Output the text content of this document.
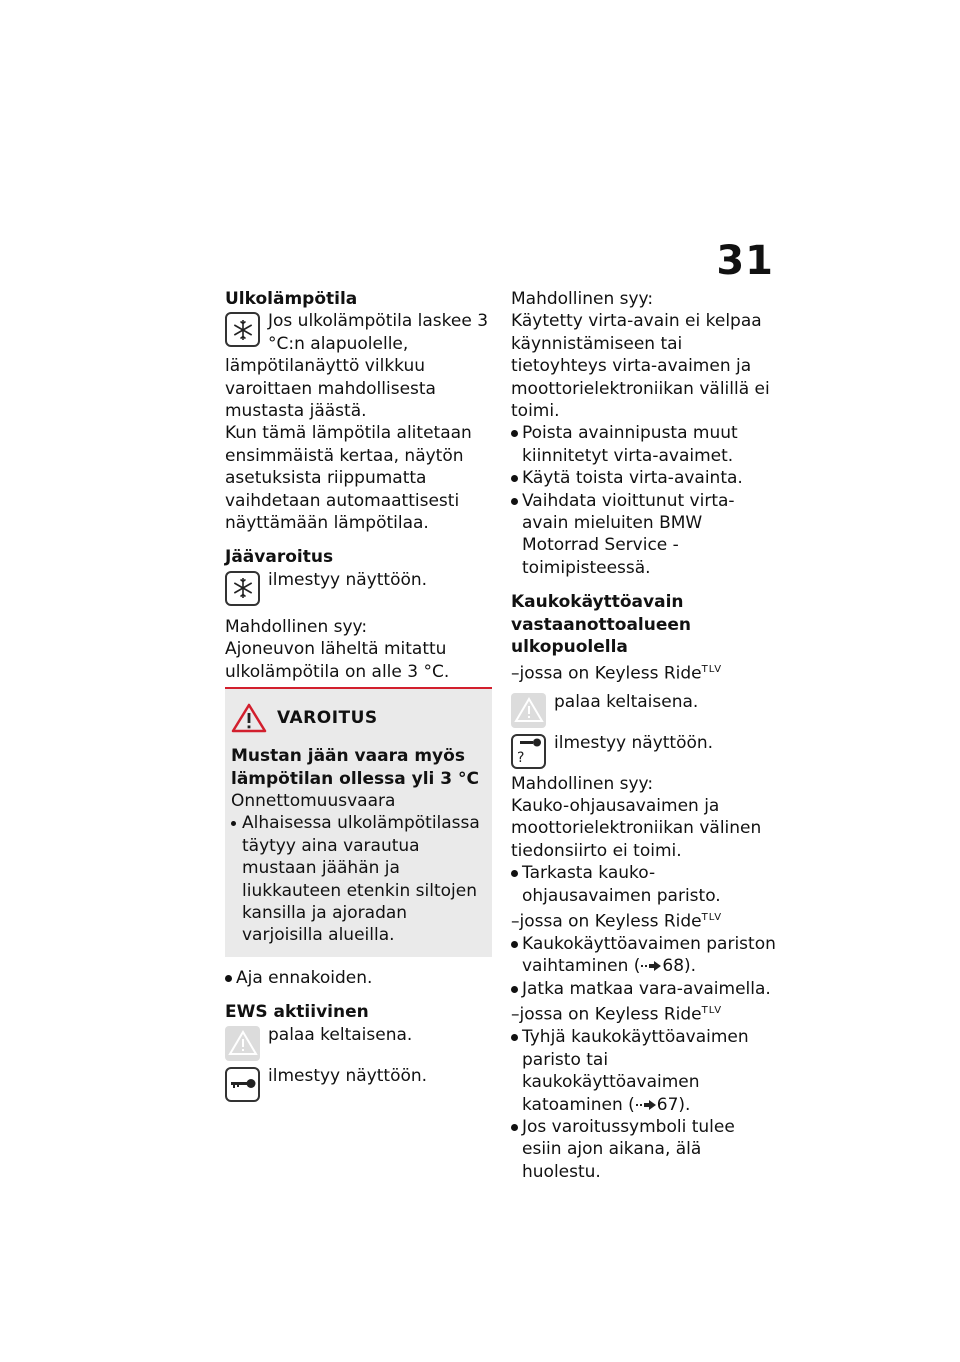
31
Ulkolämpötila

Jos ulkolämpötila laskee 3 °C:n alapuolelle, lämpötilanäyttö vilkkuu varoittaen mahdollisesta mustasta jäästä.

Kun tämä lämpötila alitetaan ensimmäistä kertaa, näytön asetuksista riippumatta vaihdetaan automaattisesti näyttämään lämpötilaa.

Jäävaroitus

ilmestyy näyttöön.

Mahdollinen syy:

Ajoneuvon läheltä mitattu ulkolämpötila on alle 3 °C.

VAROITUS

Mustan jään vaara myös lämpötilan ollessa yli 3 °C

Onnettomuusvaara

Alhaisessa ulkolämpötilassa täytyy aina varautua mustaan jäähän ja liukkauteen etenkin siltojen kansilla ja ajoradan varjoisilla alueilla.
Aja ennakoiden.
EWS aktiivinen

palaa keltaisena.

ilmestyy näyttöön.

Mahdollinen syy:

Käytetty virta-avain ei kelpaa käynnistämiseen tai tietoyhteys virta-avaimen ja moottorielektroniikan välillä ei toimi.

Poista avainnipusta muut kiinnitetyt virta-avaimet.
Käytä toista virta-avainta.
Vaihdata vioittunut virta-avain mieluiten BMW Motorrad Service -toimipisteessä.
Kaukokäyttöavain vastaanottoalueen ulkopuolella

–jossa on Keyless Ride$^{TLV}$

palaa keltaisena.

?

ilmestyy näyttöön.

Mahdollinen syy:

Kauko-ohjausavaimen ja moottorielektroniikan välinen tiedonsiirto ei toimi.

Tarkasta kauko-ohjausavaimen paristo.

–jossa on Keyless Ride$^{TLV}$

Kaukokäyttöavaimen pariston vaihtaminen ( 68).
Jatka matkaa vara-avaimella.

–jossa on Keyless Ride$^{TLV}$

Tyhjä kaukokäyttöavaimen paristo tai kaukokäyttöavaimen katoaminen ( 67).
Jos varoitussymboli tulee esiin ajon aikana, älä huolestu.
